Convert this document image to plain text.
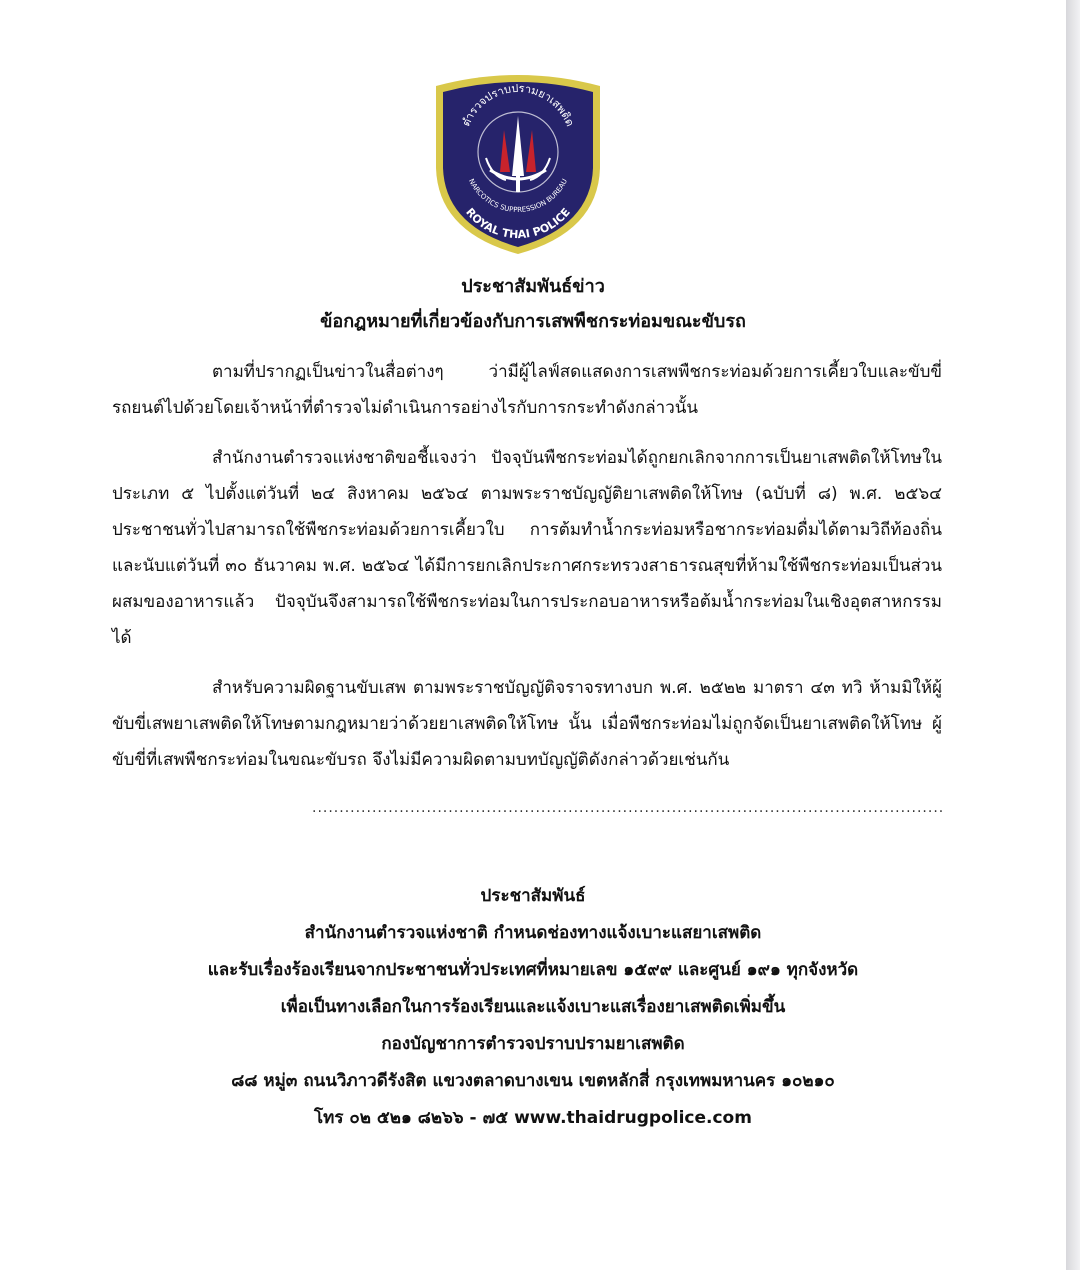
ตำรวจปราบปรามยาเสพติด
NARCOTICS SUPPRESSION BUREAU
ROYAL THAI POLICE
ประชาสัมพันธ์ข่าว
ข้อกฎหมายที่เกี่ยวข้องกับการเสพพืชกระท่อมขณะขับรถ

ตามที่ปรากฏเป็นข่าวในสื่อต่างๆ ว่ามีผู้ไลฟ์สดแสดงการเสพพืชกระท่อมด้วยการเคี้ยวใบและขับขี่รถยนต์ไปด้วยโดยเจ้าหน้าที่ตำรวจไม่ดำเนินการอย่างไรกับการกระทำดังกล่าวนั้น

สำนักงานตำรวจแห่งชาติขอชี้แจงว่า ปัจจุบันพืชกระท่อมได้ถูกยกเลิกจากการเป็นยาเสพติดให้โทษในประเภท ๕ ไปตั้งแต่วันที่ ๒๔ สิงหาคม ๒๕๖๔ ตามพระราชบัญญัติยาเสพติดให้โทษ (ฉบับที่ ๘) พ.ศ. ๒๕๖๔ ประชาชนทั่วไปสามารถใช้พืชกระท่อมด้วยการเคี้ยวใบ การต้มทำน้ำกระท่อมหรือชากระท่อมดื่มได้ตามวิถีท้องถิ่น และนับแต่วันที่ ๓๐ ธันวาคม พ.ศ. ๒๕๖๔ ได้มีการยกเลิกประกาศกระทรวงสาธารณสุขที่ห้ามใช้พืชกระท่อมเป็นส่วนผสมของอาหารแล้ว ปัจจุบันจึงสามารถใช้พืชกระท่อมในการประกอบอาหารหรือต้มน้ำกระท่อมในเชิงอุตสาหกรรมได้

สำหรับความผิดฐานขับเสพ ตามพระราชบัญญัติจราจรทางบก พ.ศ. ๒๕๒๒ มาตรา ๔๓ ทวิ ห้ามมิให้ผู้ขับขี่เสพยาเสพติดให้โทษตามกฎหมายว่าด้วยยาเสพติดให้โทษ นั้น เมื่อพืชกระท่อมไม่ถูกจัดเป็นยาเสพติดให้โทษ ผู้ขับขี่ที่เสพพืชกระท่อมในขณะขับรถ จึงไม่มีความผิดตามบทบัญญัติดังกล่าวด้วยเช่นกัน

....................................................................................................................
ประชาสัมพันธ์
สำนักงานตำรวจแห่งชาติ กำหนดช่องทางแจ้งเบาะแสยาเสพติด
และรับเรื่องร้องเรียนจากประชาชนทั่วประเทศที่หมายเลข ๑๕๙๙ และศูนย์ ๑๙๑ ทุกจังหวัด
เพื่อเป็นทางเลือกในการร้องเรียนและแจ้งเบาะแสเรื่องยาเสพติดเพิ่มขึ้น
กองบัญชาการตำรวจปราบปรามยาเสพติด
๘๘ หมู่๓ ถนนวิภาวดีรังสิต แขวงตลาดบางเขน เขตหลักสี่ กรุงเทพมหานคร ๑๐๒๑๐
โทร ๐๒ ๕๒๑ ๘๒๖๖ - ๗๕ www.thaidrugpolice.com
